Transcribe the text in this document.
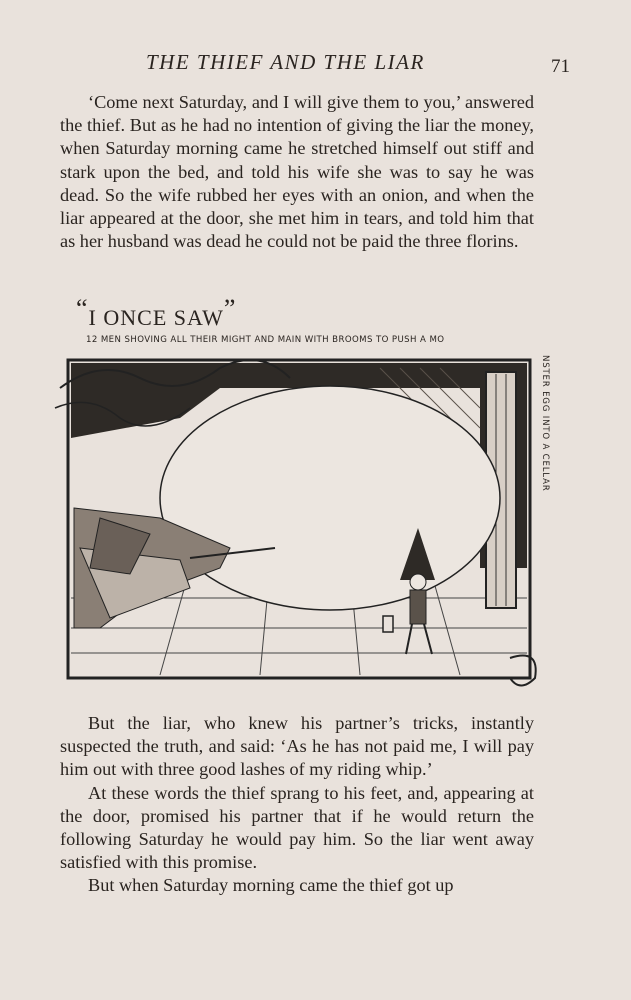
THE THIEF AND THE LIAR	71

‘Come next Saturday, and I will give them to you,’ answered the thief. But as he had no intention of giving the liar the money, when Saturday morning came he stretched himself out stiff and stark upon the bed, and told his wife she was to say he was dead. So the wife rubbed her eyes with an onion, and when the liar appeared at the door, she met him in tears, and told him that as her husband was dead he could not be paid the three florins.

“I ONCE SAW”
12 MEN SHOVING ALL THEIR MIGHT AND MAIN WITH BROOMS TO PUSH A MO
NSTER EGG INTO A CELLAR

But the liar, who knew his partner’s tricks, instantly suspected the truth, and said: ‘As he has not paid me, I will pay him out with three good lashes of my riding whip.’

At these words the thief sprang to his feet, and, appearing at the door, promised his partner that if he would return the following Saturday he would pay him. So the liar went away satisfied with this promise.

But when Saturday morning came the thief got up
